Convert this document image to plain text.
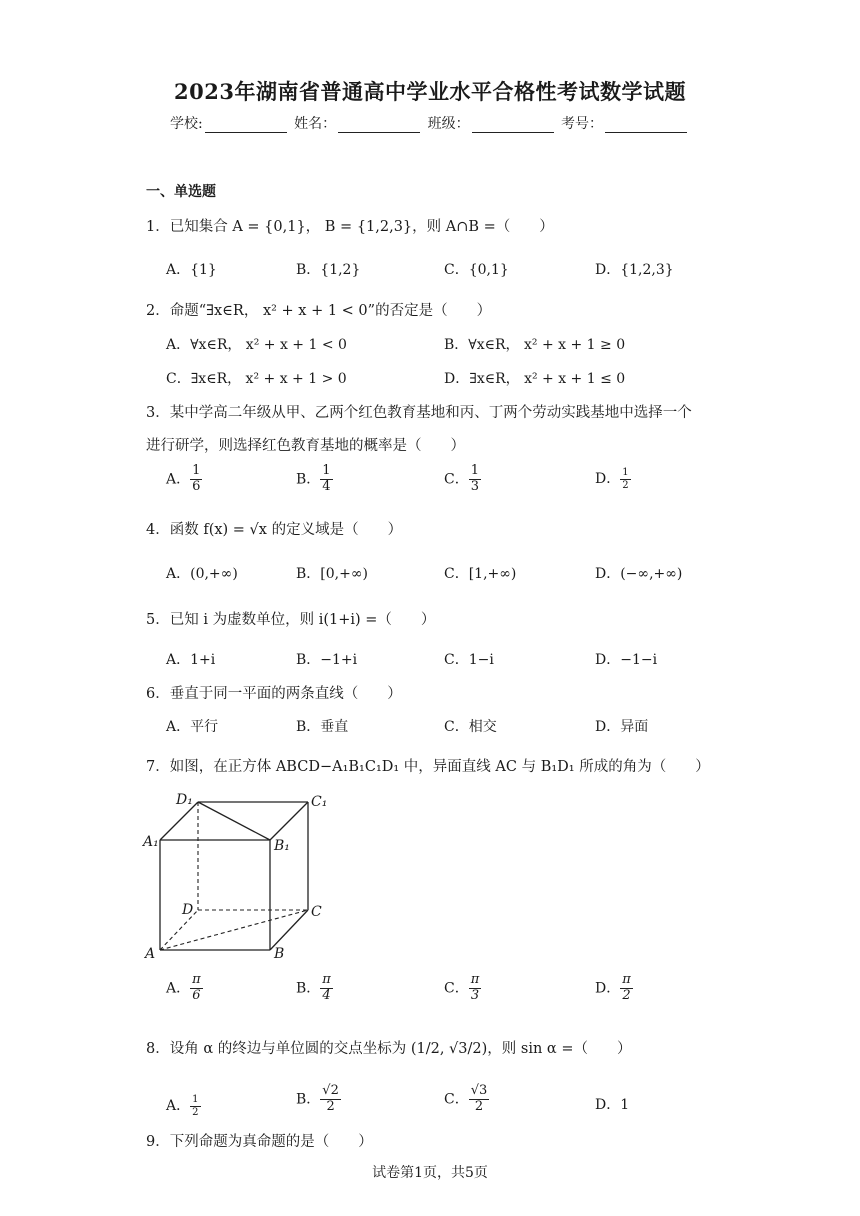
2023年湖南省普通高中学业水平合格性考试数学试题
学校:	姓名：	班级：	考号：
一、单选题
1．已知集合 A = {0,1}， B = {1,2,3}，则 A∩B =（　　）
A．{1}	B．{1,2}	C．{0,1}	D．{1,2,3}
2．命题“∃x∈R， x² + x + 1 < 0”的否定是（　　）
A．∀x∈R， x² + x + 1 < 0	B．∀x∈R， x² + x + 1 ≥ 0
C．∃x∈R， x² + x + 1 > 0	D．∃x∈R， x² + x + 1 ≤ 0
3．某中学高二年级从甲、乙两个红色教育基地和丙、丁两个劳动实践基地中选择一个
进行研学，则选择红色教育基地的概率是（　　）
A． $\frac{1}{6}$	B． $\frac{1}{4}$	C． $\frac{1}{3}$	D． $\frac{1}{2}$
4．函数 f(x) = √x 的定义域是（　　）
A．(0,+∞)	B．[0,+∞)	C．[1,+∞)	D．(−∞,+∞)
5．已知 i 为虚数单位，则 i(1+i) =（　　）
A．1+i	B．−1+i	C．1−i	D．−1−i
6．垂直于同一平面的两条直线（　　）
A．平行	B．垂直	C．相交	D．异面
7．如图，在正方体 ABCD−A₁B₁C₁D₁ 中，异面直线 AC 与 B₁D₁ 所成的角为（　　）
D₁	C₁
A₁	B₁
D	C
A	B
A． $\frac{\pi}{6}$	B． $\frac{\pi}{4}$	C． $\frac{\pi}{3}$	D． $\frac{\pi}{2}$
8．设角 α 的终边与单位圆的交点坐标为 (1/2, √3/2)，则 sin α =（　　）
A． $\frac{1}{2}$	B． $\frac{√2}{2}$	C． $\frac{√3}{2}$	D．1
9．下列命题为真命题的是（　　）
试卷第1页，共5页
